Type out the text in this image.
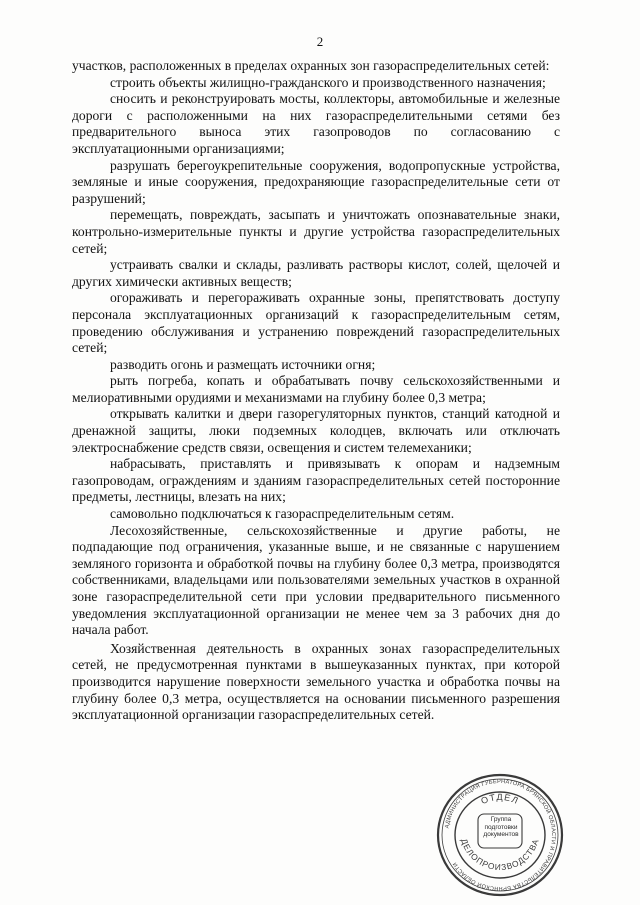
2

участков, расположенных в пределах охранных зон газораспределительных сетей:

строить объекты жилищно-гражданского и производственного назначения;

сносить и реконструировать мосты, коллекторы, автомобильные и железные дороги с расположенными на них газораспределительными сетями без предварительного выноса этих газопроводов по согласованию с эксплуатационными организациями;

разрушать берегоукрепительные сооружения, водопропускные устройства, земляные и иные сооружения, предохраняющие газораспределительные сети от разрушений;

перемещать, повреждать, засыпать и уничтожать опознавательные знаки, контрольно-измерительные пункты и другие устройства газораспределительных сетей;

устраивать свалки и склады, разливать растворы кислот, солей, щелочей и других химически активных веществ;

огораживать и перегораживать охранные зоны, препятствовать доступу персонала эксплуатационных организаций к газораспределительным сетям, проведению обслуживания и устранению повреждений газораспределительных сетей;

разводить огонь и размещать источники огня;

рыть погреба, копать и обрабатывать почву сельскохозяйственными и мелиоративными орудиями и механизмами на глубину более 0,3 метра;

открывать калитки и двери газорегуляторных пунктов, станций катодной и дренажной защиты, люки подземных колодцев, включать или отключать электроснабжение средств связи, освещения и систем телемеханики;

набрасывать, приставлять и привязывать к опорам и надземным газопроводам, ограждениям и зданиям газораспределительных сетей посторонние предметы, лестницы, влезать на них;

самовольно подключаться к газораспределительным сетям.

Лесохозяйственные, сельскохозяйственные и другие работы, не подпадающие под ограничения, указанные выше, и не связанные с нарушением земляного горизонта и обработкой почвы на глубину более 0,3 метра, производятся собственниками, владельцами или пользователями земельных участков в охранной зоне газораспределительной сети при условии предварительного письменного уведомления эксплуатационной организации не менее чем за 3 рабочих дня до начала работ.

Хозяйственная деятельность в охранных зонах газораспределительных сетей, не предусмотренная пунктами в вышеуказанных пунктах, при которой производится нарушение поверхности земельного участка и обработка почвы на глубину более 0,3 метра, осуществляется на основании письменного разрешения эксплуатационной организации газораспределительных сетей.

АДМИНИСТРАЦИЯ ГУБЕРНАТОРА БРЯНСКОЙ ОБЛАСТИ И ПРАВИТЕЛЬСТВА БРЯНСКОЙ ОБЛАСТИ
ОТДЕЛ
ДЕЛОПРОИЗВОДСТВА
Группа
подготовки
документов
